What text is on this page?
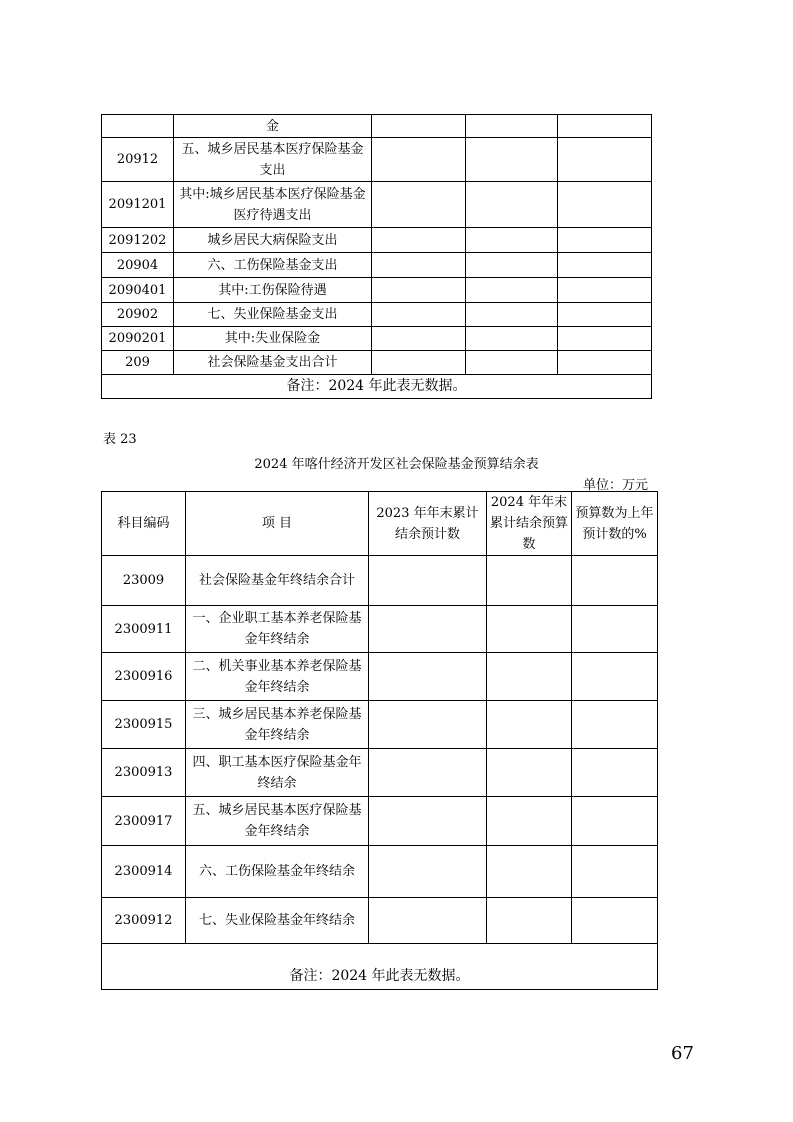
	金			
20912	五、城乡居民基本医疗保险基金支出			
2091201	其中:城乡居民基本医疗保险基金医疗待遇支出			
2091202	城乡居民大病保险支出			
20904	六、工伤保险基金支出			
2090401	其中:工伤保险待遇			
20902	七、失业保险基金支出			
2090201	其中:失业保险金			
209	社会保险基金支出合计			
备注：2024 年此表无数据。				
表 23
2024 年喀什经济开发区社会保险基金预算结余表
单位：万元
科目编码	项 目	2023 年年末累计结余预计数	2024 年年末累计结余预算数	预算数为上年预计数的%
23009	社会保险基金年终结余合计			
2300911	一、企业职工基本养老保险基金年终结余			
2300916	二、机关事业基本养老保险基金年终结余			
2300915	三、城乡居民基本养老保险基金年终结余			
2300913	四、职工基本医疗保险基金年终结余			
2300917	五、城乡居民基本医疗保险基金年终结余			
2300914	六、工伤保险基金年终结余			
2300912	七、失业保险基金年终结余			
备注：2024 年此表无数据。				
67
